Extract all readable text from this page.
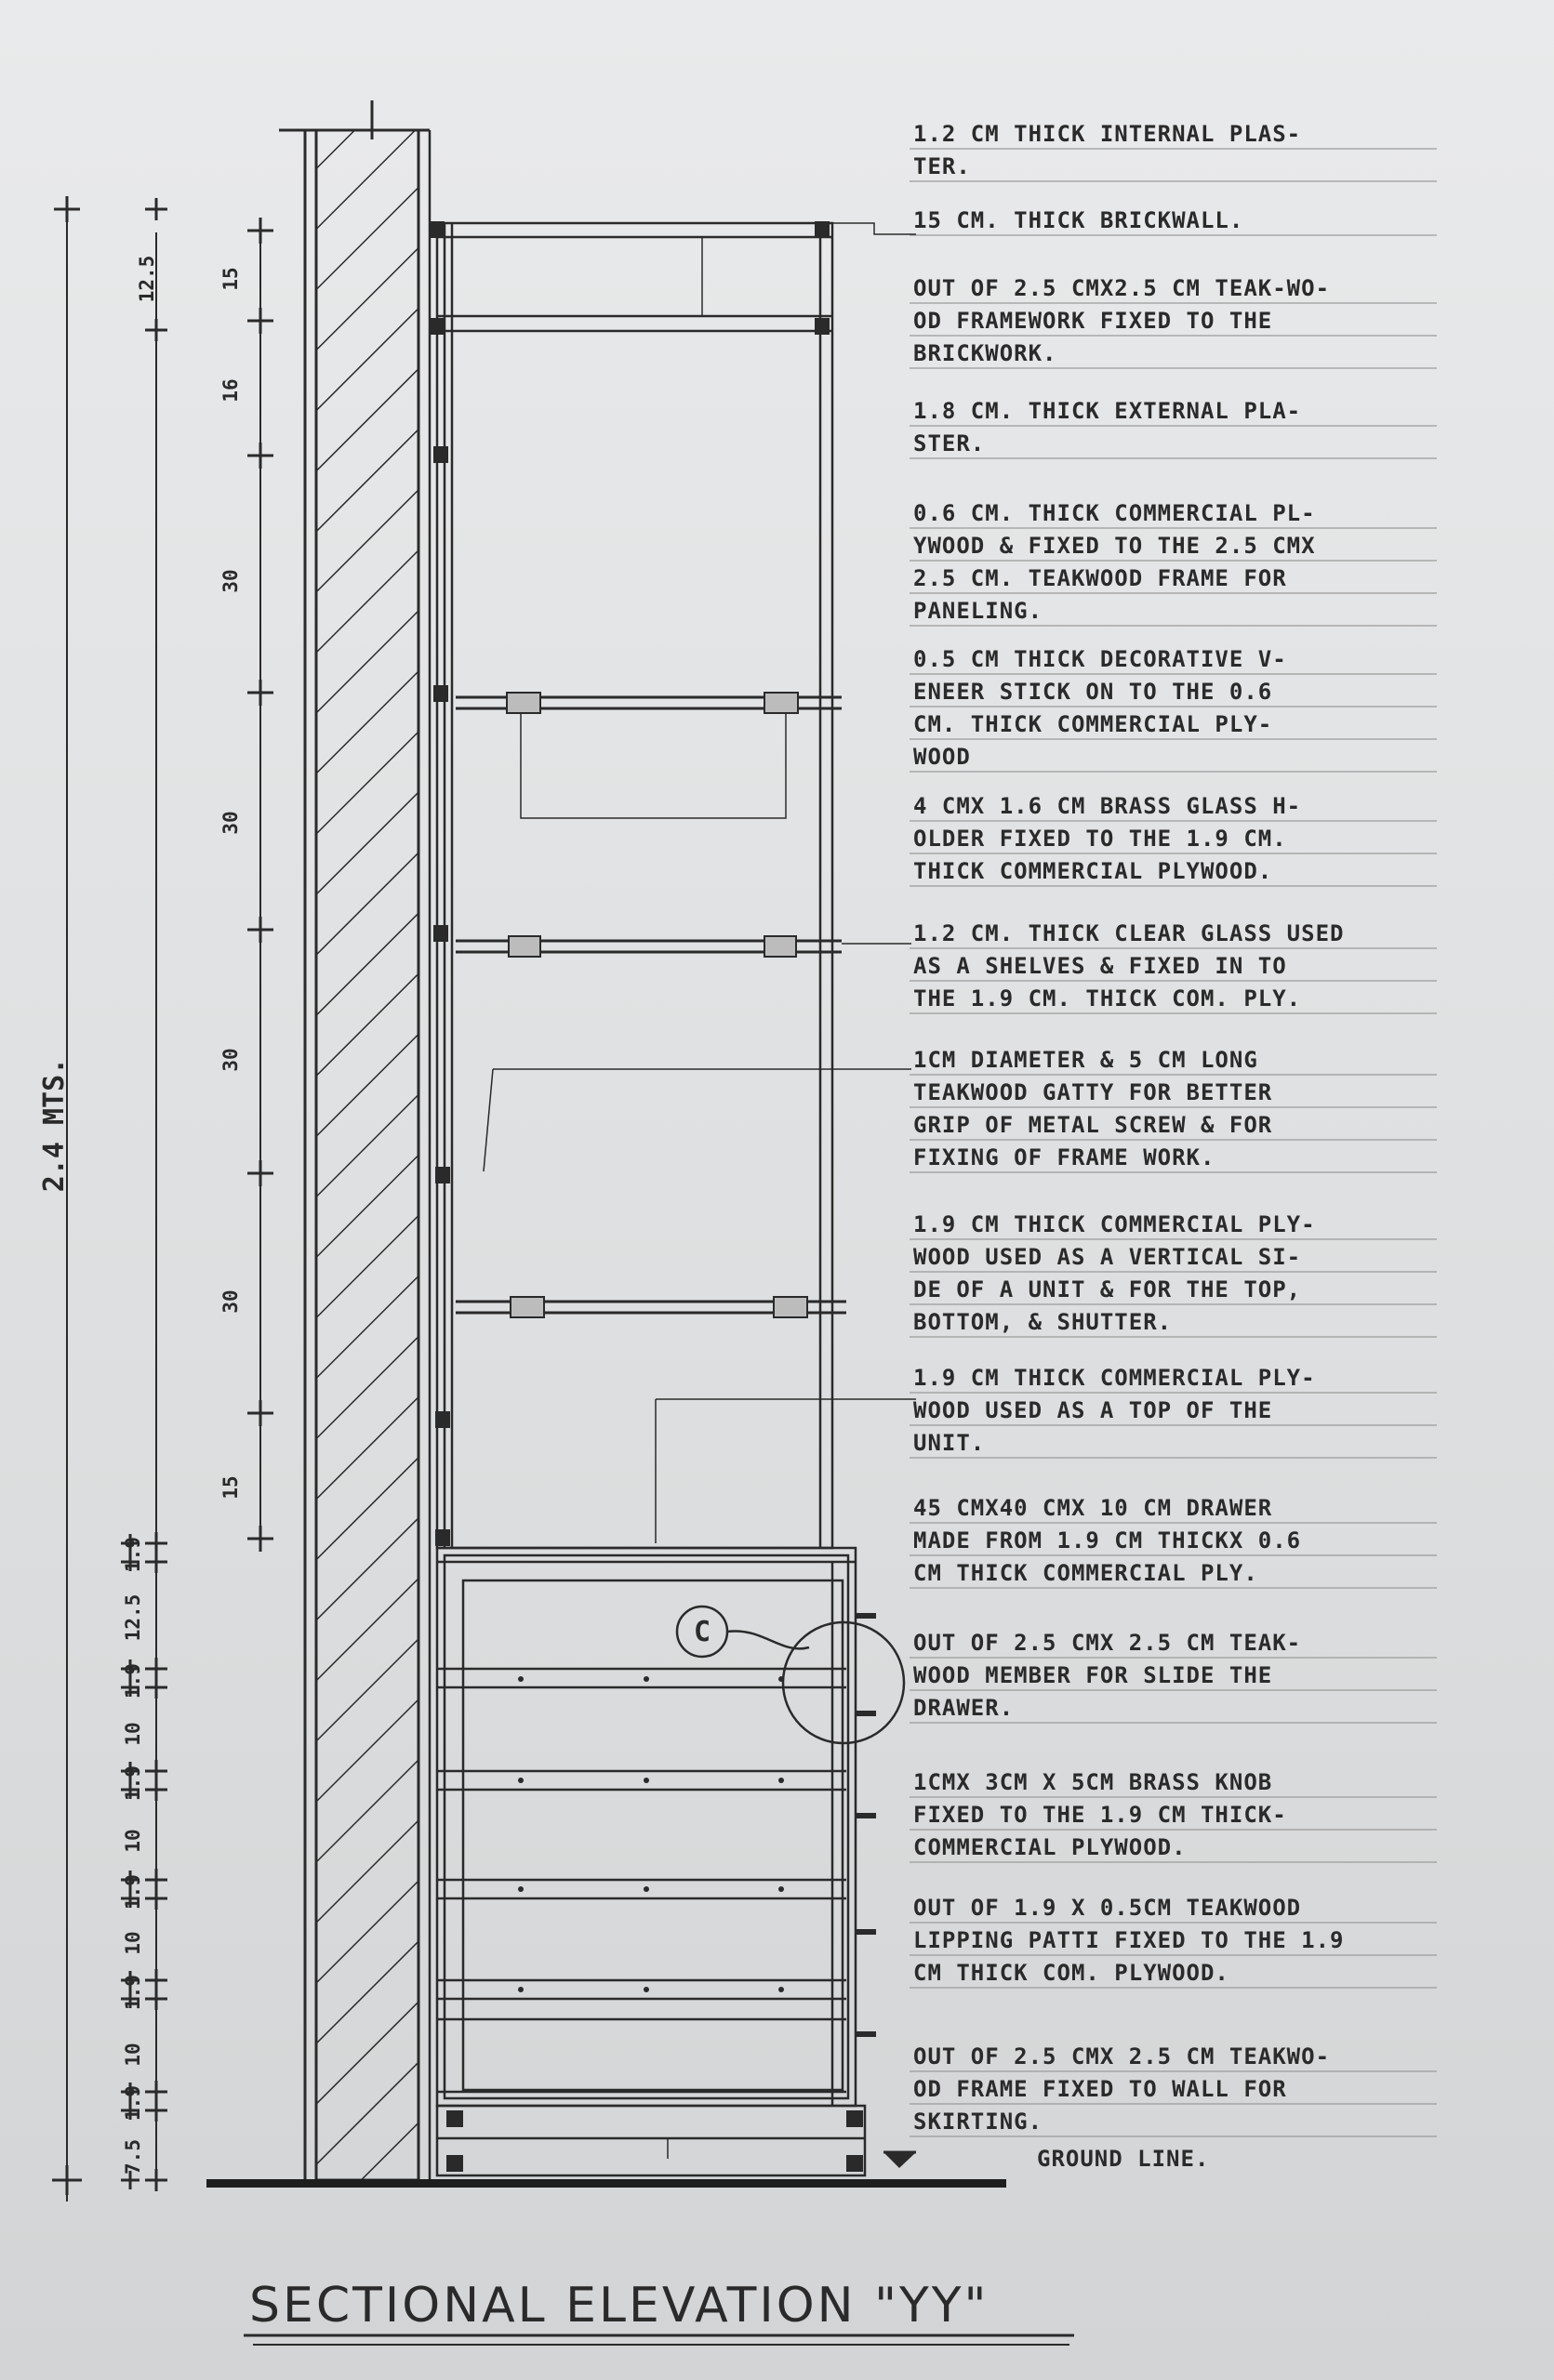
C
GROUND LINE.
15
12.5
16
30
30
30
30
15
1.9
12.5
1.9
10
1.9
10
1.9
10
1.9
10
1.9
7.5
2.4 MTS.
1.2 CM THICK INTERNAL PLAS-
TER.
15 CM. THICK BRICKWALL.
OUT OF 2.5 CMX2.5 CM TEAK-WO-
OD FRAMEWORK FIXED TO THE
BRICKWORK.
1.8 CM. THICK EXTERNAL PLA-
STER.
0.6 CM. THICK COMMERCIAL PL-
YWOOD & FIXED TO THE 2.5 CMX
2.5 CM. TEAKWOOD FRAME FOR
PANELING.
0.5 CM THICK DECORATIVE V-
ENEER STICK ON TO THE 0.6
CM. THICK COMMERCIAL PLY-
WOOD
4 CMX 1.6 CM BRASS GLASS H-
OLDER FIXED TO THE 1.9 CM.
THICK COMMERCIAL PLYWOOD.
1.2 CM. THICK CLEAR GLASS USED
AS A SHELVES & FIXED IN TO
THE 1.9 CM. THICK COM. PLY.
1CM DIAMETER & 5 CM LONG
TEAKWOOD GATTY FOR BETTER
GRIP OF METAL SCREW & FOR
FIXING OF FRAME WORK.
1.9 CM THICK COMMERCIAL PLY-
WOOD USED AS A VERTICAL SI-
DE OF A UNIT & FOR THE TOP,
BOTTOM, & SHUTTER.
1.9 CM THICK COMMERCIAL PLY-
WOOD USED AS A TOP OF THE
UNIT.
45 CMX40 CMX 10 CM DRAWER
MADE FROM 1.9 CM THICKX 0.6
CM THICK COMMERCIAL PLY.
OUT OF 2.5 CMX 2.5 CM TEAK-
WOOD MEMBER FOR SLIDE THE
DRAWER.
1CMX 3CM X 5CM BRASS KNOB
FIXED TO THE 1.9 CM THICK-
COMMERCIAL PLYWOOD.
OUT OF 1.9 X 0.5CM TEAKWOOD
LIPPING PATTI FIXED TO THE 1.9
CM THICK COM. PLYWOOD.
OUT OF 2.5 CMX 2.5 CM TEAKWO-
OD FRAME FIXED TO WALL FOR
SKIRTING.
SECTIONAL ELEVATION "YY"
